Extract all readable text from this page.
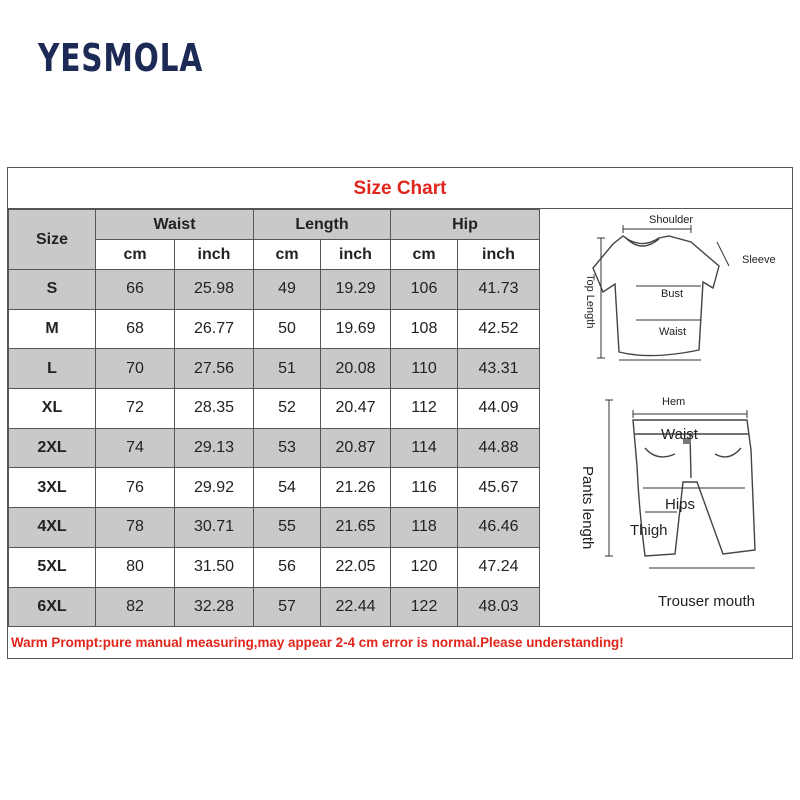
YESMOLA
Size Chart
Size	Waist		Length		Hip	
	cm	inch	cm	inch	cm	inch
S	66	25.98	49	19.29	106	41.73
M	68	26.77	50	19.69	108	42.52
L	70	27.56	51	20.08	110	43.31
XL	72	28.35	52	20.47	112	44.09
2XL	74	29.13	53	20.87	114	44.88
3XL	76	29.92	54	21.26	116	45.67
4XL	78	30.71	55	21.65	118	46.46
5XL	80	31.50	56	22.05	120	47.24
6XL	82	32.28	57	22.44	122	48.03
Shoulder
Sleeve
Top Length	Bust
Waist
Hem
Waist
Pants length	Hips
Thigh
Trouser mouth
Warm Prompt:pure manual measuring,may appear 2-4 cm error is normal.Please understanding!
